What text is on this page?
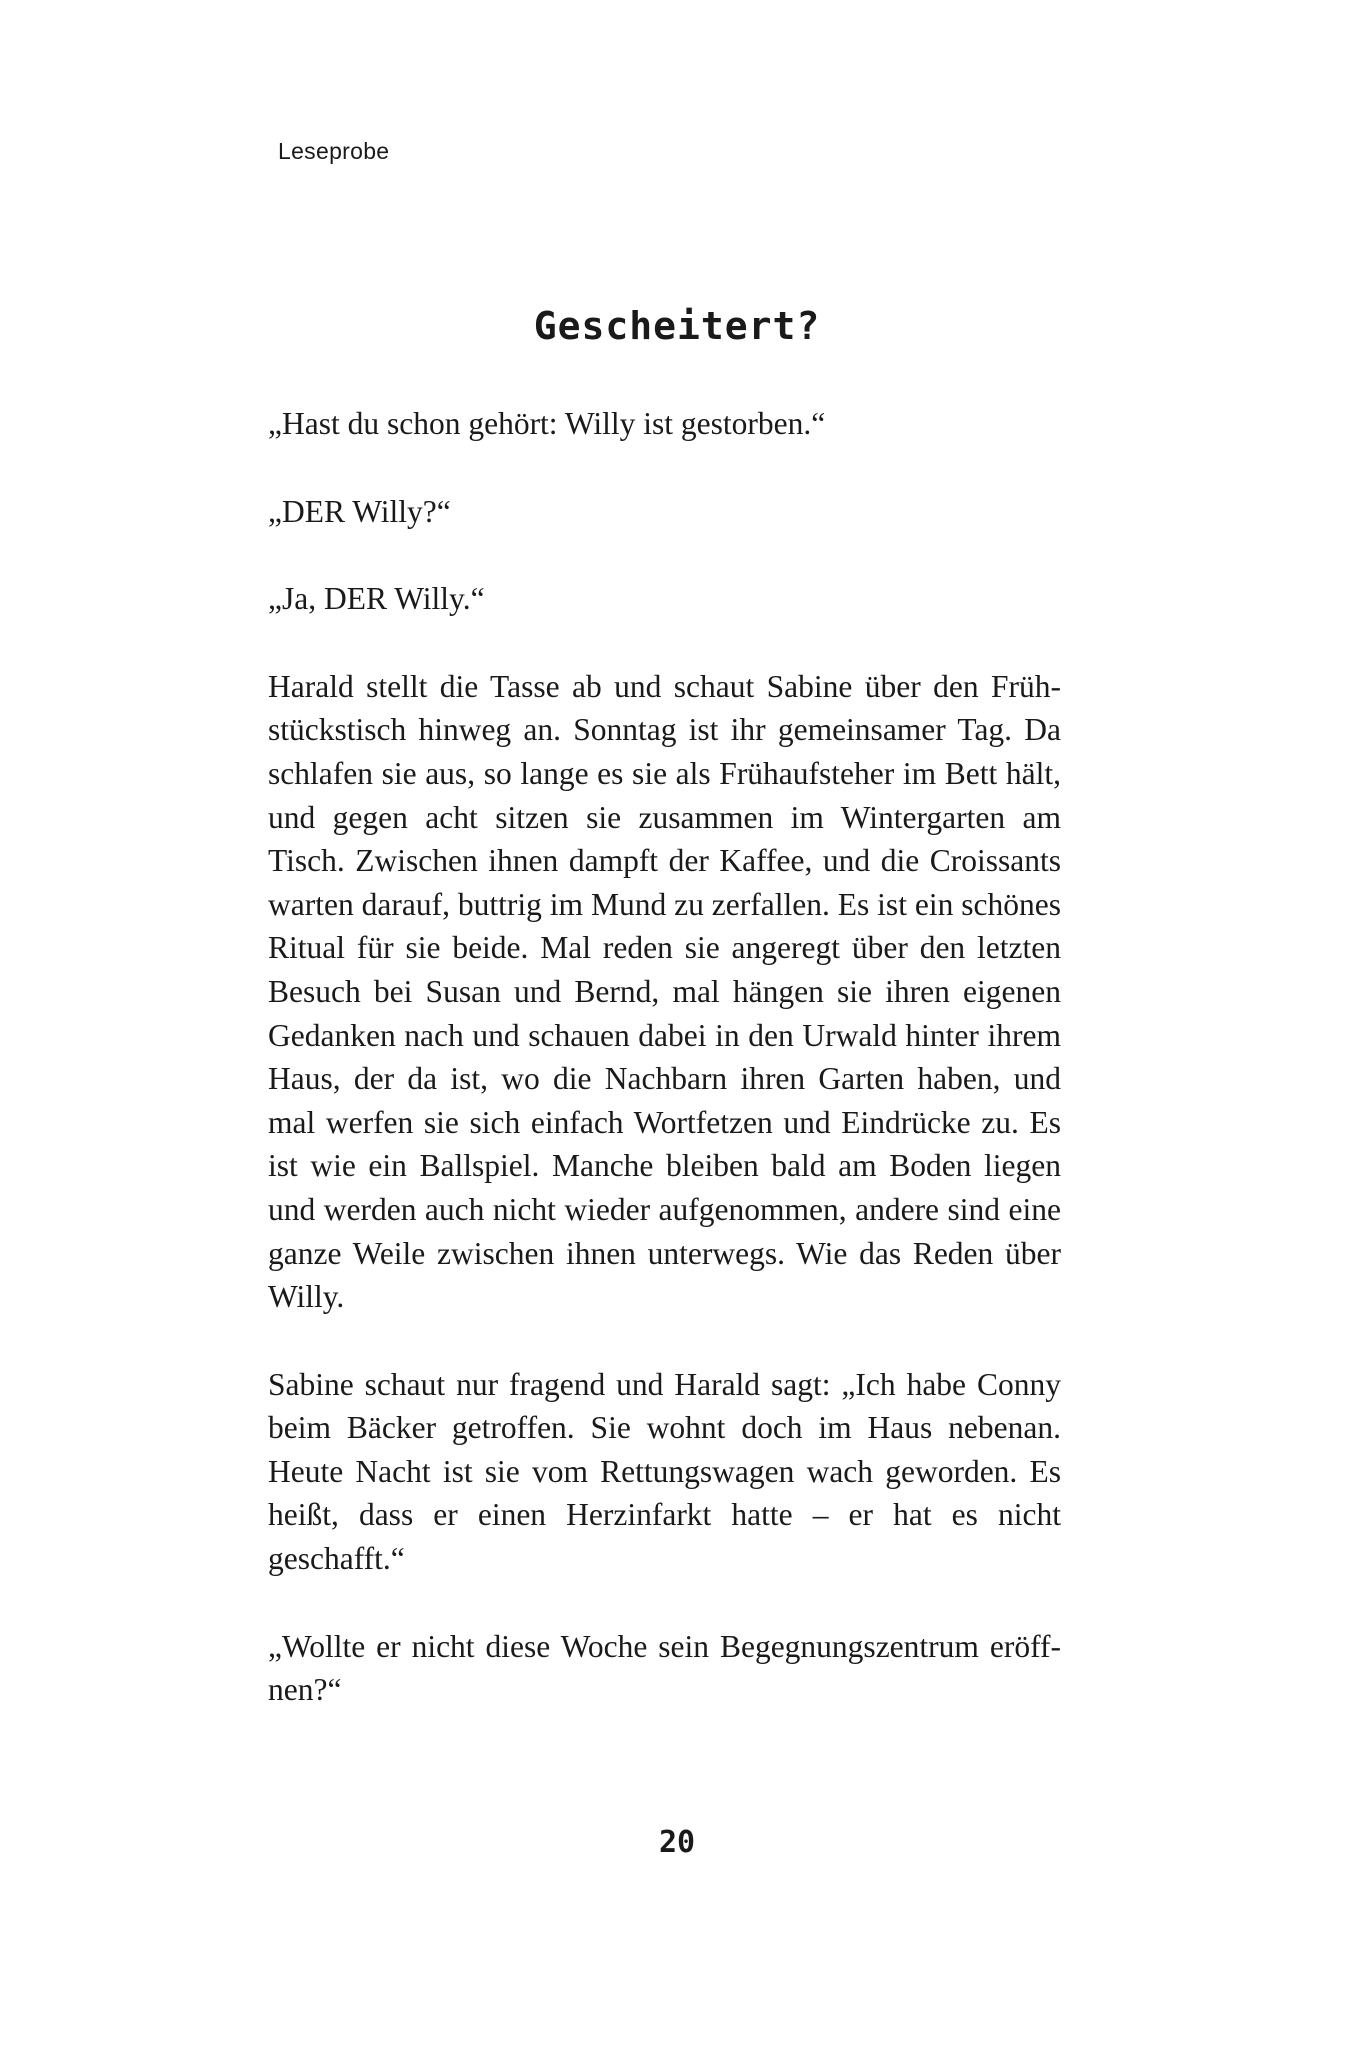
Leseprobe
Gescheitert?

„Hast du schon gehört: Willy ist gestorben.“

„DER Willy?“

„Ja, DER Willy.“

Harald stellt die Tasse ab und schaut Sabine über den Frühstückstisch hinweg an. Sonntag ist ihr gemeinsamer Tag. Da schlafen sie aus, so lange es sie als Frühaufsteher im Bett hält, und gegen acht sitzen sie zusammen im Wintergarten am Tisch. Zwischen ihnen dampft der Kaffee, und die Croissants warten darauf, buttrig im Mund zu zerfallen. Es ist ein schönes Ritual für sie beide. Mal reden sie angeregt über den letzten Besuch bei Susan und Bernd, mal hängen sie ihren eigenen Gedanken nach und schauen dabei in den Urwald hinter ihrem Haus, der da ist, wo die Nachbarn ihren Garten haben, und mal werfen sie sich einfach Wortfetzen und Eindrücke zu. Es ist wie ein Ballspiel. Manche bleiben bald am Boden liegen und werden auch nicht wieder aufgenommen, andere sind eine ganze Weile zwischen ihnen unterwegs. Wie das Reden über Willy.

Sabine schaut nur fragend und Harald sagt: „Ich habe Conny beim Bäcker getroffen. Sie wohnt doch im Haus nebenan. Heute Nacht ist sie vom Rettungswagen wach geworden. Es heißt, dass er einen Herzinfarkt hatte – er hat es nicht geschafft.“

„Wollte er nicht diese Woche sein Begegnungszentrum eröffnen?“

20
